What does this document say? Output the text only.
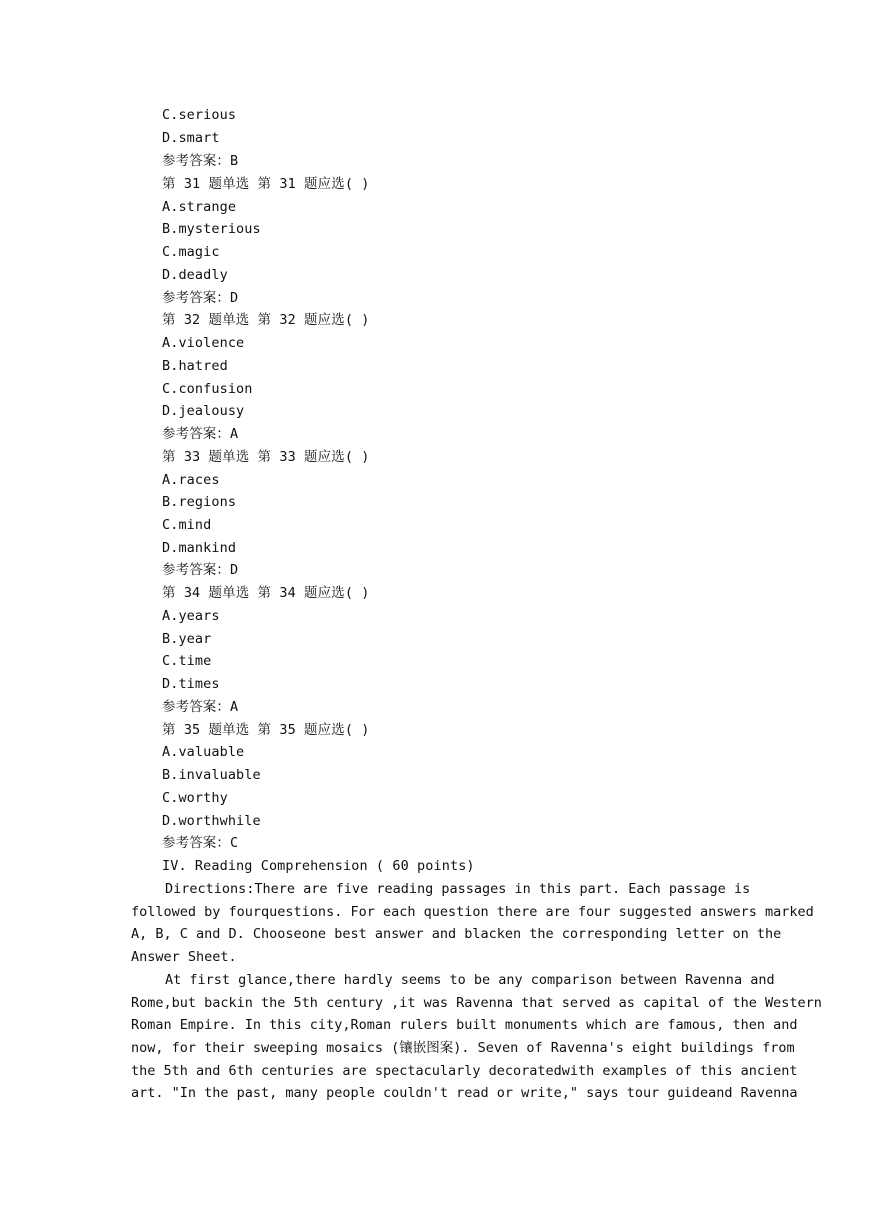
C.serious
D.smart
参考答案：B
第 31 题单选 第 31 题应选( )
A.strange
B.mysterious
C.magic
D.deadly
参考答案：D
第 32 题单选 第 32 题应选( )
A.violence
B.hatred
C.confusion
D.jealousy
参考答案：A
第 33 题单选 第 33 题应选( )
A.races
B.regions
C.mind
D.mankind
参考答案：D
第 34 题单选 第 34 题应选( )
A.years
B.year
C.time
D.times
参考答案：A
第 35 题单选 第 35 题应选( )
A.valuable
B.invaluable
C.worthy
D.worthwhile
参考答案：C
IV. Reading Comprehension ( 60 points)
Directions:There are five reading passages in this part. Each passage is
followed by fourquestions. For each question there are four suggested answers marked
A, B, C and D. Chooseone best answer and blacken the corresponding letter on the
Answer Sheet.
At first glance,there hardly seems to be any comparison between Ravenna and
Rome,but backin the 5th century ,it was Ravenna that served as capital of the Western
Roman Empire. In this city,Roman rulers built monuments which are famous, then and
now, for their sweeping mosaics (镶嵌图案). Seven of Ravenna's eight buildings from
the 5th and 6th centuries are spectacularly decoratedwith examples of this ancient
art. "In the past, many people couldn't read or write," says tour guideand Ravenna
